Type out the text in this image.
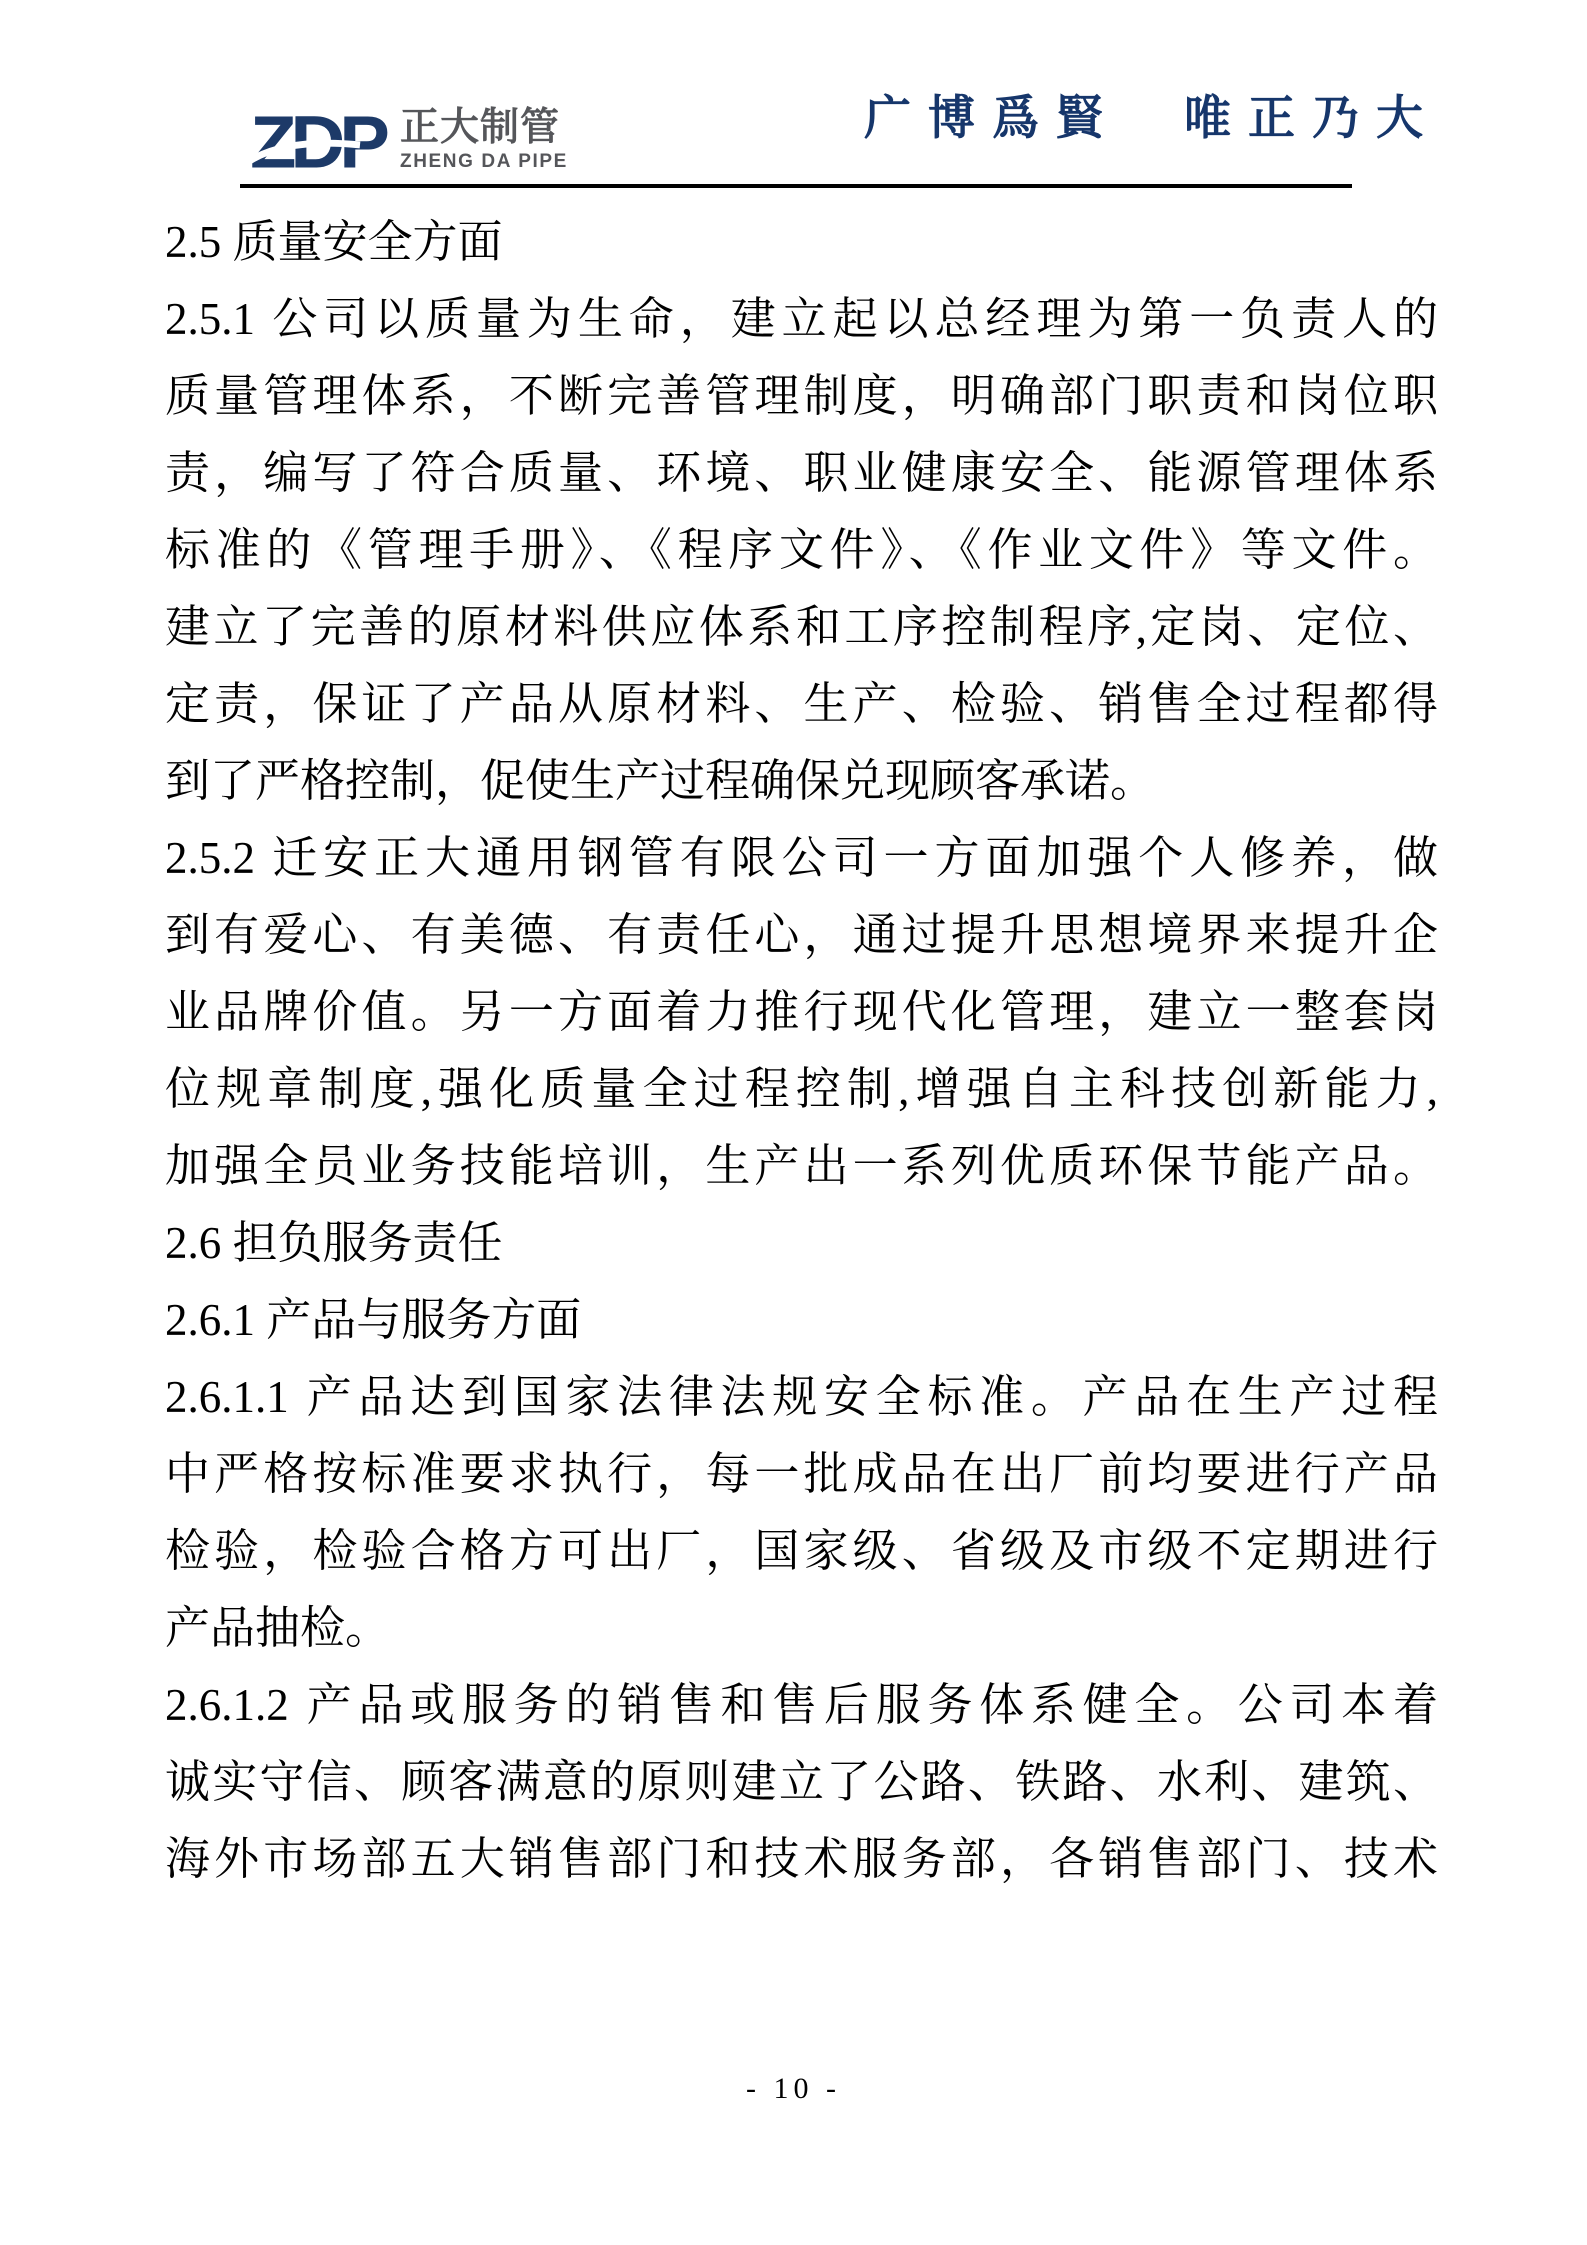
ZDP 正大制管
ZHENG DA PIPE
广博爲賢　唯正乃大
2.5 质量安全方面
2.5.1 公司以质量为生命，建立起以总经理为第一负责人的
质量管理体系，不断完善管理制度，明确部门职责和岗位职
责，编写了符合质量、环境、职业健康安全、能源管理体系
标准的《管理手册》、《程序文件》、《作业文件》等文件。
建立了完善的原材料供应体系和工序控制程序,定岗、定位、
定责，保证了产品从原材料、生产、检验、销售全过程都得
到了严格控制，促使生产过程确保兑现顾客承诺。
2.5.2 迁安正大通用钢管有限公司一方面加强个人修养，做
到有爱心、有美德、有责任心，通过提升思想境界来提升企
业品牌价值。另一方面着力推行现代化管理，建立一整套岗
位规章制度,强化质量全过程控制,增强自主科技创新能力,
加强全员业务技能培训，生产出一系列优质环保节能产品。
2.6 担负服务责任
2.6.1 产品与服务方面
2.6.1.1 产品达到国家法律法规安全标准。产品在生产过程
中严格按标准要求执行，每一批成品在出厂前均要进行产品
检验，检验合格方可出厂，国家级、省级及市级不定期进行
产品抽检。
2.6.1.2 产品或服务的销售和售后服务体系健全。公司本着
诚实守信、顾客满意的原则建立了公路、铁路、水利、建筑、
海外市场部五大销售部门和技术服务部，各销售部门、技术
- 10 -
